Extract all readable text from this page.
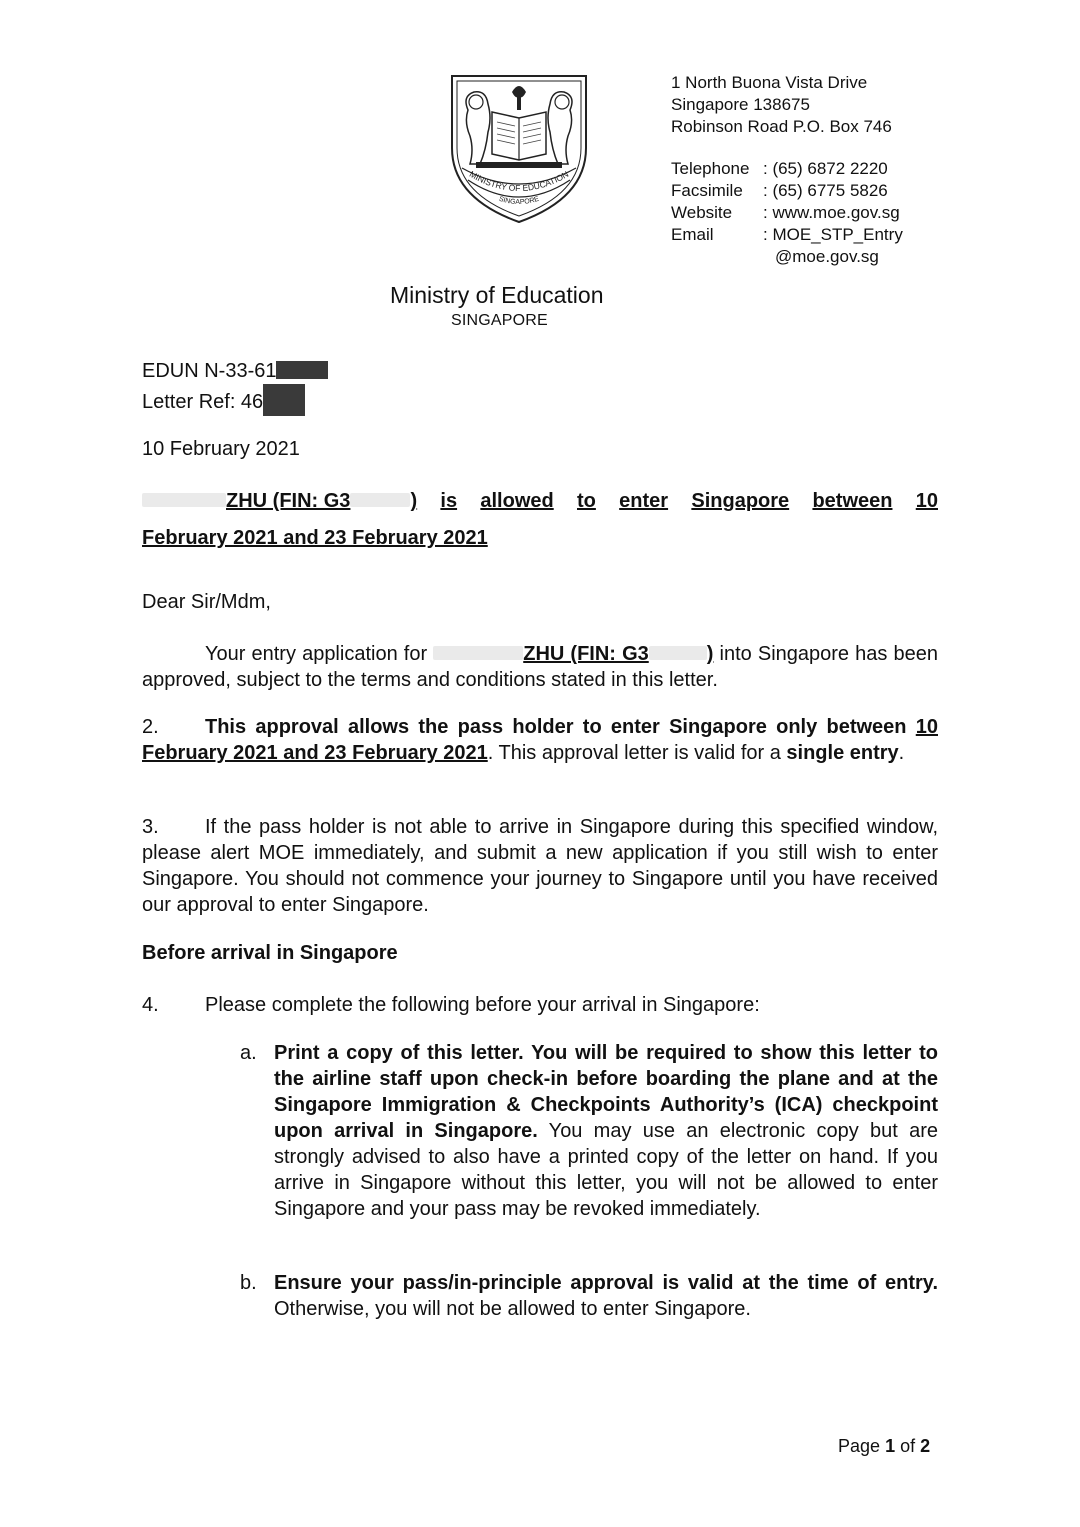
MINISTRY OF EDUCATION
SINGAPORE
1 North Buona Vista Drive
Singapore 138675
Robinson Road P.O. Box 746
Telephone : (65) 6872 2220
Facsimile	: (65) 6775 5826
Website	: www.moe.gov.sg
Email	: MOE_STP_Entry
@moe.gov.sg
Ministry of Education
SINGAPORE
EDUN N-33-61
Letter Ref: 46
10 February 2021
ZHU (FIN: G3	) is allowed to enter Singapore between 10
February 2021 and 23 February 2021
Dear Sir/Mdm,
Your entry application for	ZHU (FIN: G3	) into Singapore has been approved, subject to the terms and conditions stated in this letter.
2. This approval allows the pass holder to enter Singapore only between 10 February 2021 and 23 February 2021. This approval letter is valid for a single entry.
3. If the pass holder is not able to arrive in Singapore during this specified window, please alert MOE immediately, and submit a new application if you still wish to enter Singapore. You should not commence your journey to Singapore until you have received our approval to enter Singapore.
Before arrival in Singapore
4. Please complete the following before your arrival in Singapore:
a. Print a copy of this letter. You will be required to show this letter to the airline staff upon check-in before boarding the plane and at the Singapore Immigration & Checkpoints Authority’s (ICA) checkpoint upon arrival in Singapore. You may use an electronic copy but are strongly advised to also have a printed copy of the letter on hand. If you arrive in Singapore without this letter, you will not be allowed to enter Singapore and your pass may be revoked immediately.
b. Ensure your pass/in-principle approval is valid at the time of entry. Otherwise, you will not be allowed to enter Singapore.
Page 1 of 2
